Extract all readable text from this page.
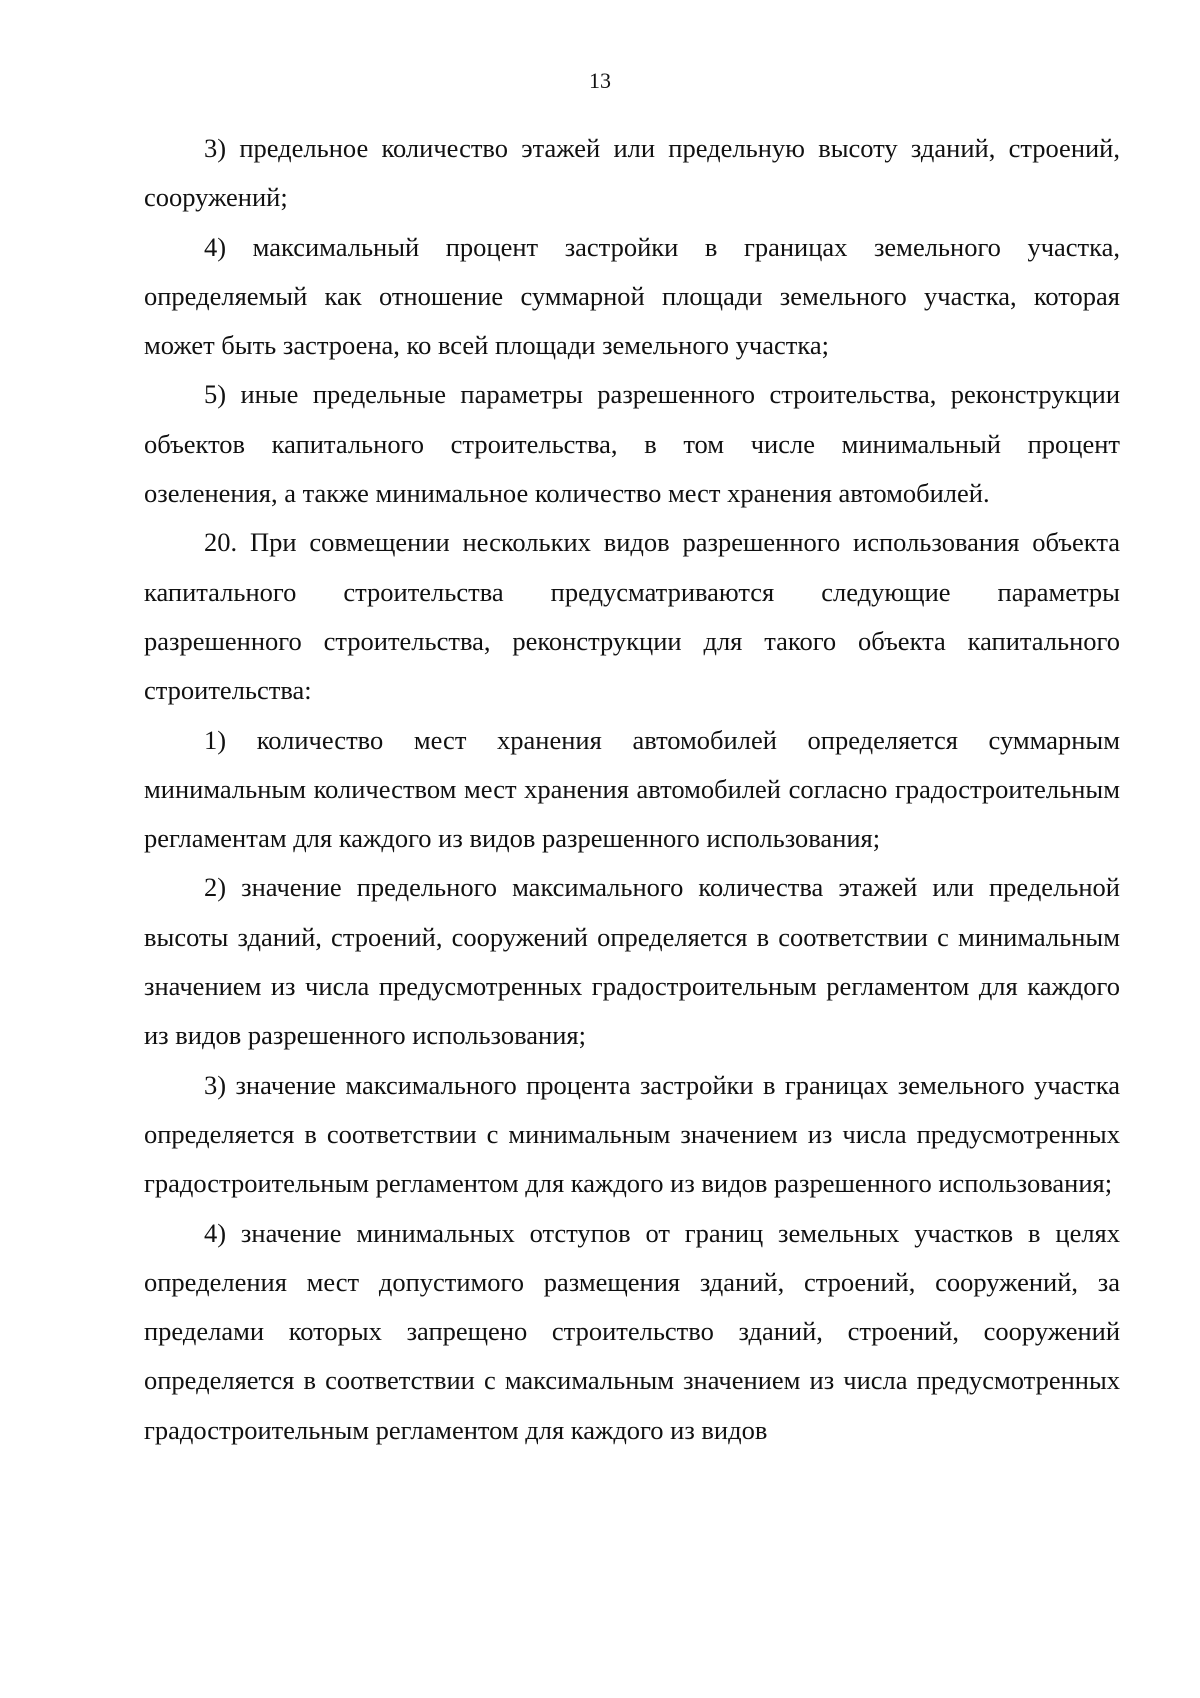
13

3) предельное количество этажей или предельную высоту зданий, строений, сооружений;

4) максимальный процент застройки в границах земельного участка, определяемый как отношение суммарной площади земельного участка, которая может быть застроена, ко всей площади земельного участка;

5) иные предельные параметры разрешенного строительства, реконструкции объектов капитального строительства, в том числе минимальный процент озеленения, а также минимальное количество мест хранения автомобилей.

20. При совмещении нескольких видов разрешенного использования объекта капитального строительства предусматриваются следующие параметры разрешенного строительства, реконструкции для такого объекта капитального строительства:

1) количество мест хранения автомобилей определяется суммарным минимальным количеством мест хранения автомобилей согласно градостроительным регламентам для каждого из видов разрешенного использования;

2) значение предельного максимального количества этажей или предельной высоты зданий, строений, сооружений определяется в соответствии с минимальным значением из числа предусмотренных градостроительным регламентом для каждого из видов разрешенного использования;

3) значение максимального процента застройки в границах земельного участка определяется в соответствии с минимальным значением из числа предусмотренных градостроительным регламентом для каждого из видов разрешенного использования;

4) значение минимальных отступов от границ земельных участков в целях определения мест допустимого размещения зданий, строений, сооружений, за пределами которых запрещено строительство зданий, строений, сооружений определяется в соответствии с максимальным значением из числа предусмотренных градостроительным регламентом для каждого из видов
